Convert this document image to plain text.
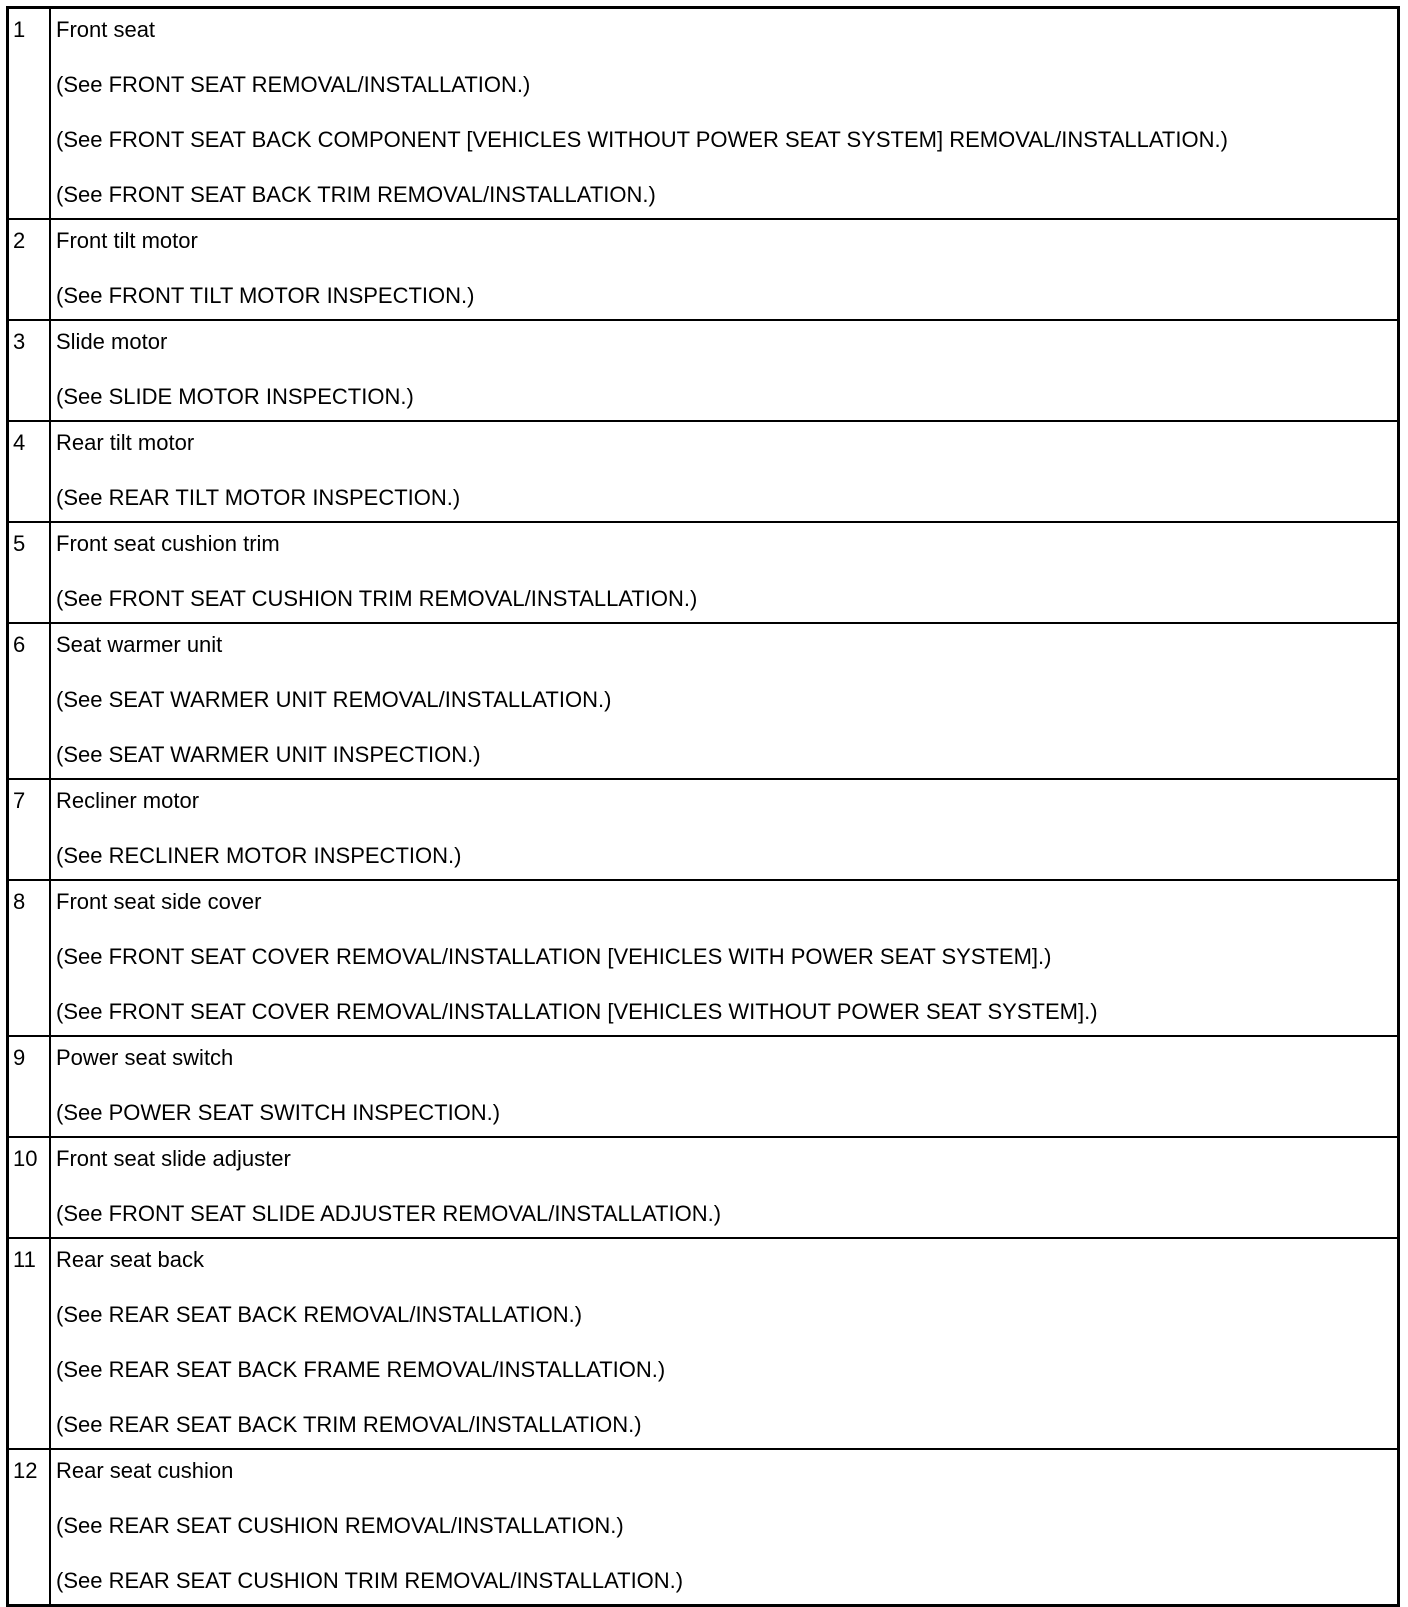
1	Front seat
(See FRONT SEAT REMOVAL/INSTALLATION.)
(See FRONT SEAT BACK COMPONENT [VEHICLES WITHOUT POWER SEAT SYSTEM] REMOVAL/INSTALLATION.)
(See FRONT SEAT BACK TRIM REMOVAL/INSTALLATION.)

2	Front tilt motor
(See FRONT TILT MOTOR INSPECTION.)

3	Slide motor
(See SLIDE MOTOR INSPECTION.)

4	Rear tilt motor
(See REAR TILT MOTOR INSPECTION.)

5	Front seat cushion trim
(See FRONT SEAT CUSHION TRIM REMOVAL/INSTALLATION.)

6	Seat warmer unit
(See SEAT WARMER UNIT REMOVAL/INSTALLATION.)
(See SEAT WARMER UNIT INSPECTION.)

7	Recliner motor
(See RECLINER MOTOR INSPECTION.)

8	Front seat side cover
(See FRONT SEAT COVER REMOVAL/INSTALLATION [VEHICLES WITH POWER SEAT SYSTEM].)
(See FRONT SEAT COVER REMOVAL/INSTALLATION [VEHICLES WITHOUT POWER SEAT SYSTEM].)

9	Power seat switch
(See POWER SEAT SWITCH INSPECTION.)

10	Front seat slide adjuster
(See FRONT SEAT SLIDE ADJUSTER REMOVAL/INSTALLATION.)

11	Rear seat back
(See REAR SEAT BACK REMOVAL/INSTALLATION.)
(See REAR SEAT BACK FRAME REMOVAL/INSTALLATION.)
(See REAR SEAT BACK TRIM REMOVAL/INSTALLATION.)

12	Rear seat cushion
(See REAR SEAT CUSHION REMOVAL/INSTALLATION.)
(See REAR SEAT CUSHION TRIM REMOVAL/INSTALLATION.)
